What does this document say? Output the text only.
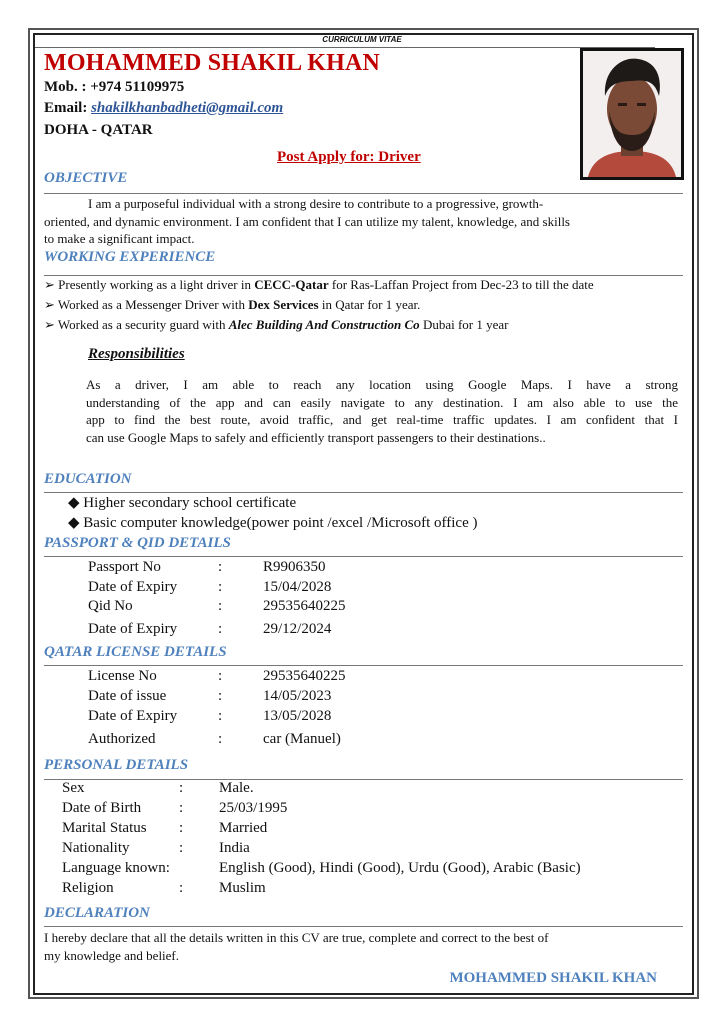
CURRICULUM VITAE
MOHAMMED SHAKIL KHAN
Mob. : +974 51109975
Email: shakilkhanbadheti@gmail.com
DOHA - QATAR
Post Apply for: Driver
OBJECTIVE
I am a purposeful individual with a strong desire to contribute to a progressive, growth-
oriented, and dynamic environment. I am confident that I can utilize my talent, knowledge, and skills
to make a significant impact.
WORKING EXPERIENCE
➢ Presently working as a light driver in CECC-Qatar for Ras-Laffan Project from Dec-23 to till the date
➢ Worked as a Messenger Driver with Dex Services in Qatar for 1 year.
➢ Worked as a security guard with Alec Building And Construction Co Dubai for 1 year
Responsibilities
As a driver, I am able to reach any location using Google Maps. I have a strong
understanding of the app and can easily navigate to any destination. I am also able to use the
app to find the best route, avoid traffic, and get real-time traffic updates. I am confident that I
can use Google Maps to safely and efficiently transport passengers to their destinations..
EDUCATION
◆ Higher secondary school certificate
◆ Basic computer knowledge(power point /excel /Microsoft office )
PASSPORT & QID DETAILS
Passport No	:	R9906350
Date of Expiry	:	15/04/2028
Qid No	:	29535640225
Date of Expiry	:	29/12/2024
QATAR LICENSE DETAILS
License No	:	29535640225
Date of issue	:	14/05/2023
Date of Expiry	:	13/05/2028
Authorized	:	car (Manuel)
PERSONAL DETAILS
Sex	: Male.
Date of Birth	: 25/03/1995
Marital Status : Married
Nationality	: India
Language known:	English (Good), Hindi (Good), Urdu (Good), Arabic (Basic)
Religion	: Muslim
DECLARATION
I hereby declare that all the details written in this CV are true, complete and correct to the best of
my knowledge and belief.
MOHAMMED SHAKIL KHAN
